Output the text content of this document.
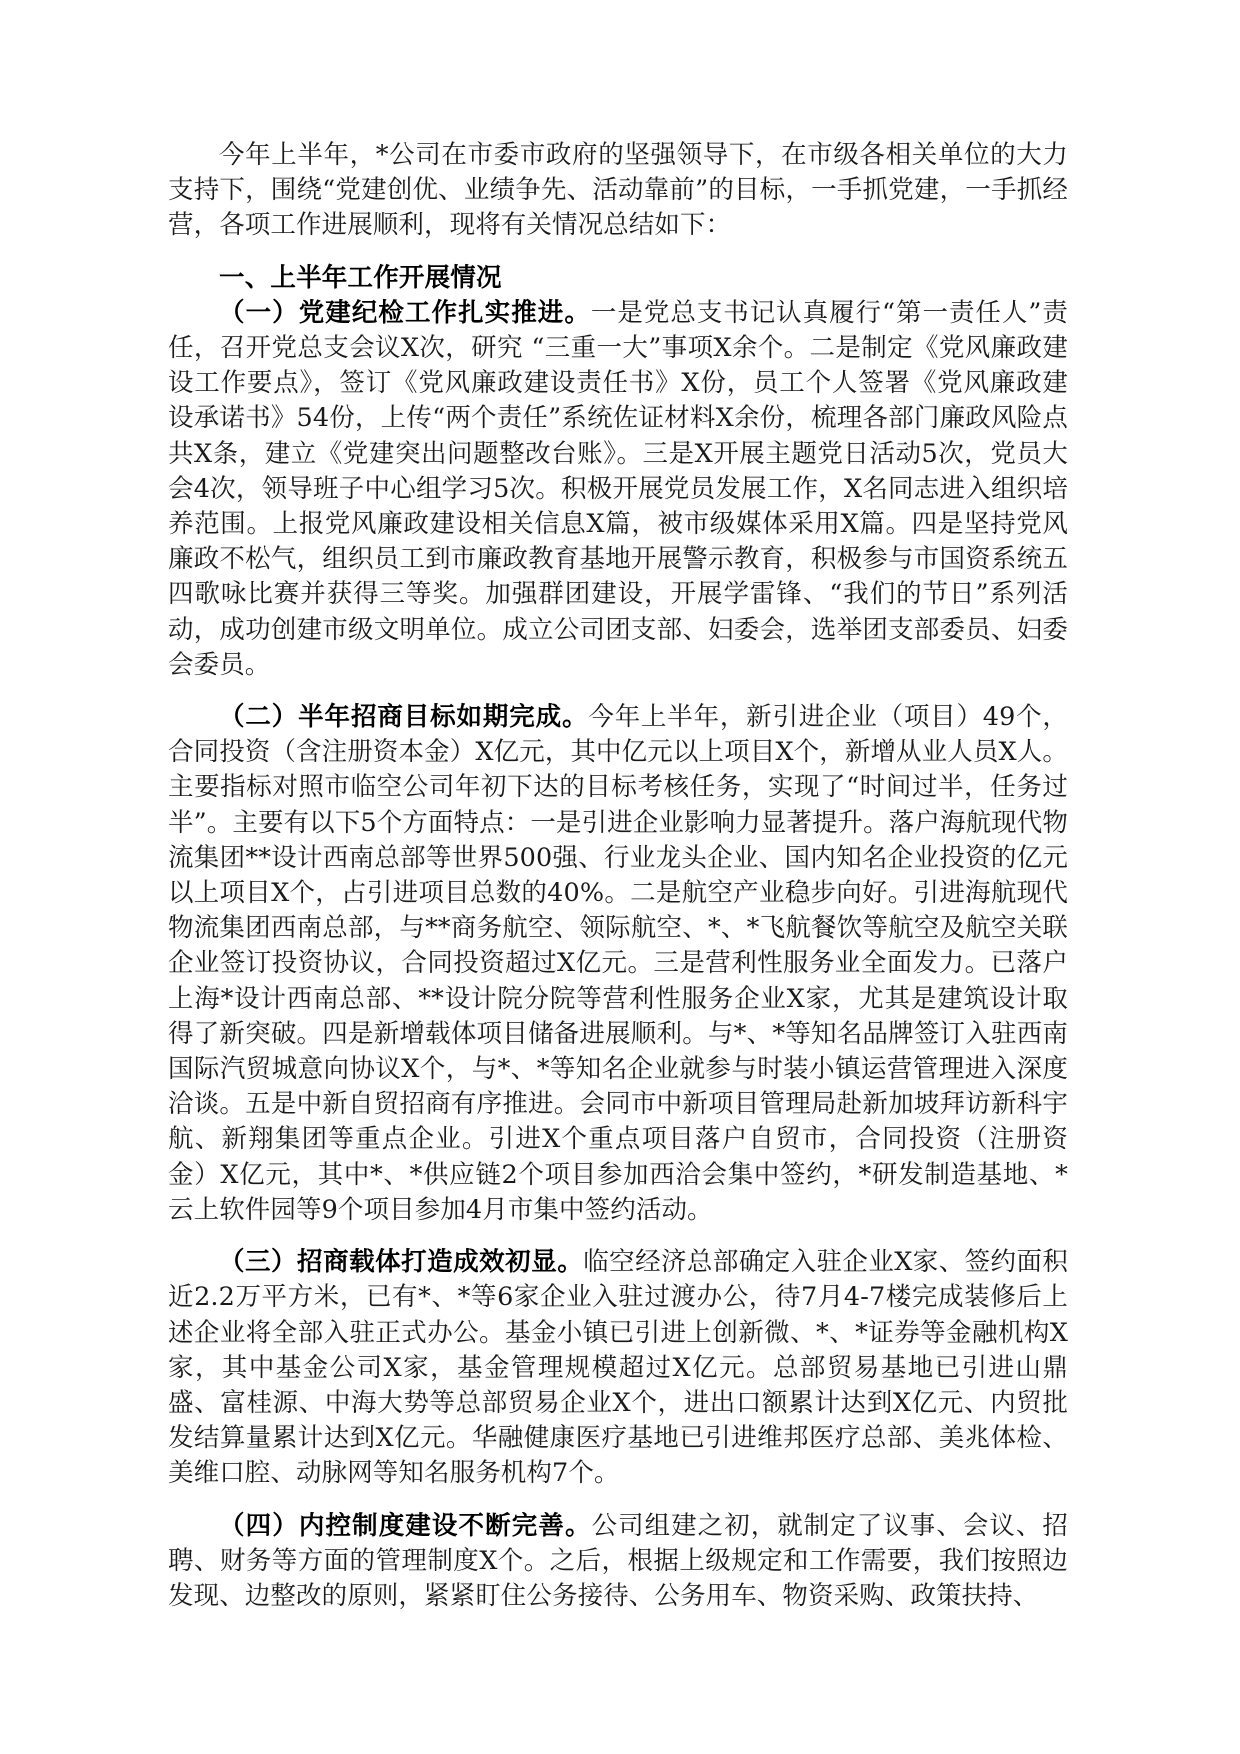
今年上半年，*公司在市委市政府的坚强领导下，在市级各相关单位的大力支持下，围绕“党建创优、业绩争先、活动靠前”的目标，一手抓党建，一手抓经营，各项工作进展顺利，现将有关情况总结如下：

一、上半年工作开展情况

（一）党建纪检工作扎实推进。一是党总支书记认真履行“第一责任人”责任，召开党总支会议X次，研究 “三重一大”事项X余个。二是制定《党风廉政建设工作要点》，签订《党风廉政建设责任书》X份，员工个人签署《党风廉政建设承诺书》54份，上传“两个责任”系统佐证材料X余份，梳理各部门廉政风险点共X条，建立《党建突出问题整改台账》。三是X开展主题党日活动5次，党员大会4次，领导班子中心组学习5次。积极开展党员发展工作，X名同志进入组织培养范围。上报党风廉政建设相关信息X篇，被市级媒体采用X篇。四是坚持党风廉政不松气，组织员工到市廉政教育基地开展警示教育，积极参与市国资系统五四歌咏比赛并获得三等奖。加强群团建设，开展学雷锋、“我们的节日”系列活动，成功创建市级文明单位。成立公司团支部、妇委会，选举团支部委员、妇委会委员。

（二）半年招商目标如期完成。今年上半年，新引进企业（项目）49个，合同投资（含注册资本金）X亿元，其中亿元以上项目X个，新增从业人员X人。主要指标对照市临空公司年初下达的目标考核任务，实现了“时间过半，任务过半”。主要有以下5个方面特点：一是引进企业影响力显著提升。落户海航现代物流集团**设计西南总部等世界500强、行业龙头企业、国内知名企业投资的亿元以上项目X个，占引进项目总数的40%。二是航空产业稳步向好。引进海航现代物流集团西南总部，与**商务航空、领际航空、*、*飞航餐饮等航空及航空关联企业签订投资协议，合同投资超过X亿元。三是营利性服务业全面发力。已落户上海*设计西南总部、**设计院分院等营利性服务企业X家，尤其是建筑设计取得了新突破。四是新增载体项目储备进展顺利。与*、*等知名品牌签订入驻西南国际汽贸城意向协议X个，与*、*等知名企业就参与时装小镇运营管理进入深度洽谈。五是中新自贸招商有序推进。会同市中新项目管理局赴新加坡拜访新科宇航、新翔集团等重点企业。引进X个重点项目落户自贸市，合同投资（注册资金）X亿元，其中*、*供应链2个项目参加西洽会集中签约，*研发制造基地、*云上软件园等9个项目参加4月市集中签约活动。

（三）招商载体打造成效初显。临空经济总部确定入驻企业X家、签约面积近2.2万平方米，已有*、*等6家企业入驻过渡办公，待7月4-7楼完成装修后上述企业将全部入驻正式办公。基金小镇已引进上创新微、*、*证券等金融机构X家，其中基金公司X家，基金管理规模超过X亿元。总部贸易基地已引进山鼎盛、富桂源、中海大势等总部贸易企业X个，进出口额累计达到X亿元、内贸批发结算量累计达到X亿元。华融健康医疗基地已引进维邦医疗总部、美兆体检、美维口腔、动脉网等知名服务机构7个。

（四）内控制度建设不断完善。公司组建之初，就制定了议事、会议、招聘、财务等方面的管理制度X个。之后，根据上级规定和工作需要，我们按照边发现、边整改的原则，紧紧盯住公务接待、公务用车、物资采购、政策扶持、
